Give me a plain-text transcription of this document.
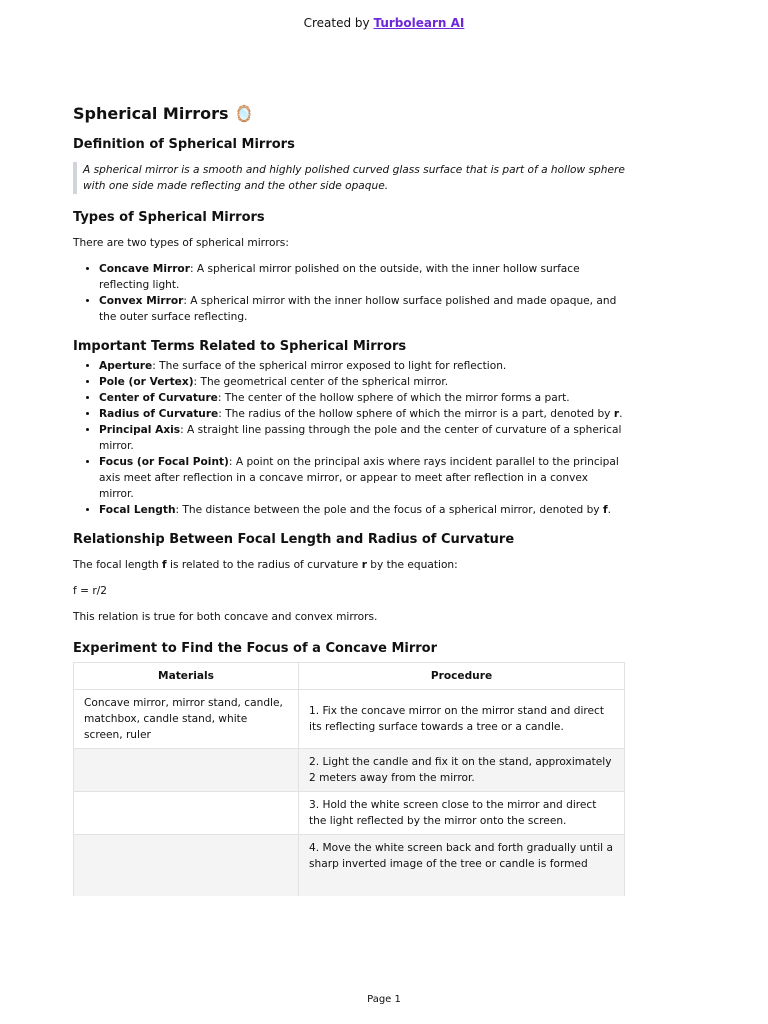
Created by Turbolearn AI
Spherical Mirrors 🪞
Definition of Spherical Mirrors
A spherical mirror is a smooth and highly polished curved glass surface that is part of a hollow sphere with one side made reflecting and the other side opaque.
Types of Spherical Mirrors

There are two types of spherical mirrors:

• Concave Mirror: A spherical mirror polished on the outside, with the inner hollow surface reflecting light.
• Convex Mirror: A spherical mirror with the inner hollow surface polished and made opaque, and the outer surface reflecting.
Important Terms Related to Spherical Mirrors
• Aperture: The surface of the spherical mirror exposed to light for reflection.
• Pole (or Vertex): The geometrical center of the spherical mirror.
• Center of Curvature: The center of the hollow sphere of which the mirror forms a part.
• Radius of Curvature: The radius of the hollow sphere of which the mirror is a part, denoted by r.
• Principal Axis: A straight line passing through the pole and the center of curvature of a spherical mirror.
• Focus (or Focal Point): A point on the principal axis where rays incident parallel to the principal axis meet after reflection in a concave mirror, or appear to meet after reflection in a convex mirror.
• Focal Length: The distance between the pole and the focus of a spherical mirror, denoted by f.
Relationship Between Focal Length and Radius of Curvature

The focal length f is related to the radius of curvature r by the equation:

f = r/2

This relation is true for both concave and convex mirrors.

Experiment to Find the Focus of a Concave Mirror
Materials	Procedure
Concave mirror, mirror stand, candle, matchbox, candle stand, white screen, ruler	1. Fix the concave mirror on the mirror stand and direct its reflecting surface towards a tree or a candle.
	2. Light the candle and fix it on the stand, approximately 2 meters away from the mirror.
	3. Hold the white screen close to the mirror and direct the light reflected by the mirror onto the screen.
	4. Move the white screen back and forth gradually until a sharp inverted image of the tree or candle is formed
Page 1
